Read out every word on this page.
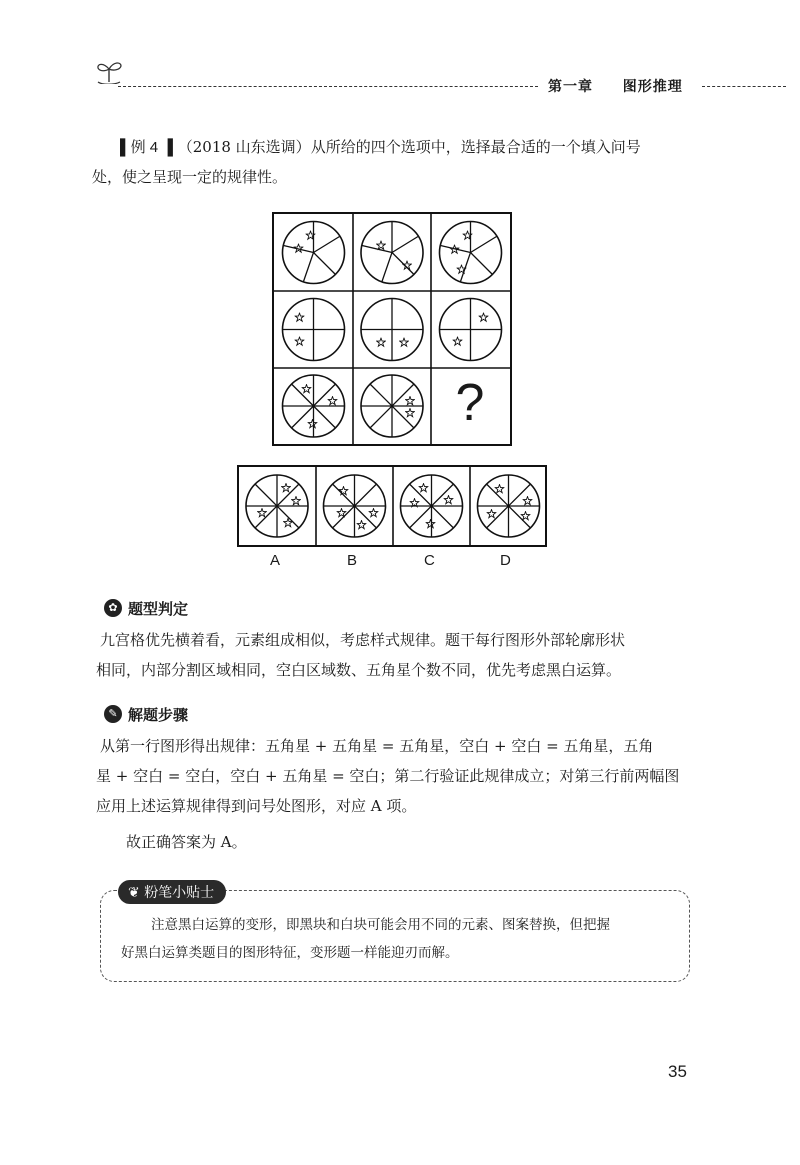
第一章 图形推理
▌例 4 ▐ （2018 山东选调）从所给的四个选项中，选择最合适的一个填入问号
处，使之呈现一定的规律性。
?
A	B	C	D
✿ 题型判定
九宫格优先横着看，元素组成相似，考虑样式规律。题干每行图形外部轮廓形状
相同，内部分割区域相同，空白区域数、五角星个数不同，优先考虑黑白运算。
✎ 解题步骤
从第一行图形得出规律：五角星 + 五角星 = 五角星，空白 + 空白 = 五角星，五角
星 + 空白 = 空白，空白 + 五角星 = 空白；第二行验证此规律成立；对第三行前两幅图
应用上述运算规律得到问号处图形，对应 A 项。
故正确答案为 A。
注意黑白运算的变形，即黑块和白块可能会用不同的元素、图案替换，但把握
好黑白运算类题目的图形特征，变形题一样能迎刃而解。
❦ 粉笔小贴士
35
